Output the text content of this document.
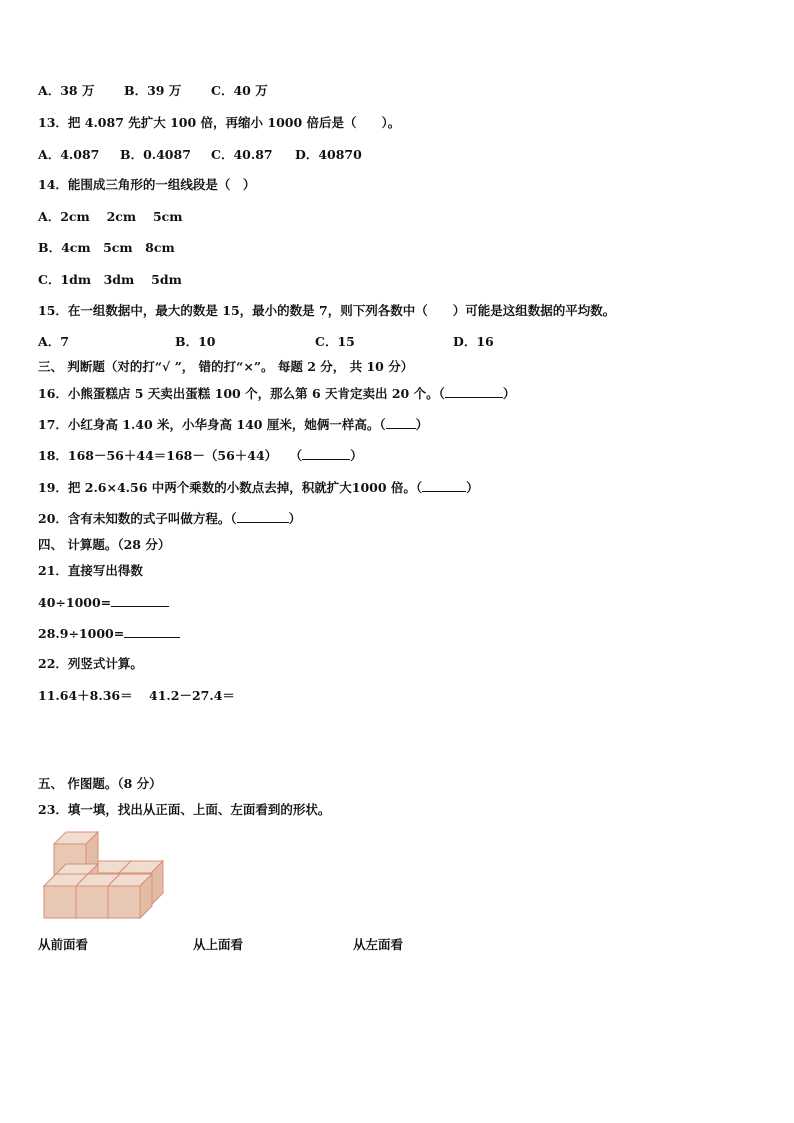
A．38 万 B．39 万 C．40 万
13．把 4.087 先扩大 100 倍，再缩小 1000 倍后是（　　）。
A．4.087 B．0.4087 C．40.87 D．40870
14．能围成三角形的一组线段是（　）
A．2cm　 2cm　 5cm
B．4cm　5cm　8cm
C．1dm　3dm　 5dm
15．在一组数据中，最大的数是 15，最小的数是 7，则下列各数中（　　）可能是这组数据的平均数。
A．7	B．10	C．15	D．16
三、 判断题（对的打“√ ”， 错的打“×”。 每题 2 分， 共 10 分）
16．小熊蛋糕店 5 天卖出蛋糕 100 个，那么第 6 天肯定卖出 20 个。（	）
17．小红身高 1.40 米，小华身高 140 厘米，她俩一样高。（ ）
18．168－56＋44＝168－（56＋44）　　（	）
19．把 2.6×4.56 中两个乘数的小数点去掉，积就扩大1000 倍。（	）
20．含有未知数的式子叫做方程。（	）
四、 计算题。（28 分）
21．直接写出得数
40÷1000=
28.9÷1000=
22．列竖式计算。
11.64＋8.36＝ 41.2－27.4＝
五、 作图题。（8 分）
23．填一填，找出从正面、上面、左面看到的形状。
从前面看	从上面看	从左面看
